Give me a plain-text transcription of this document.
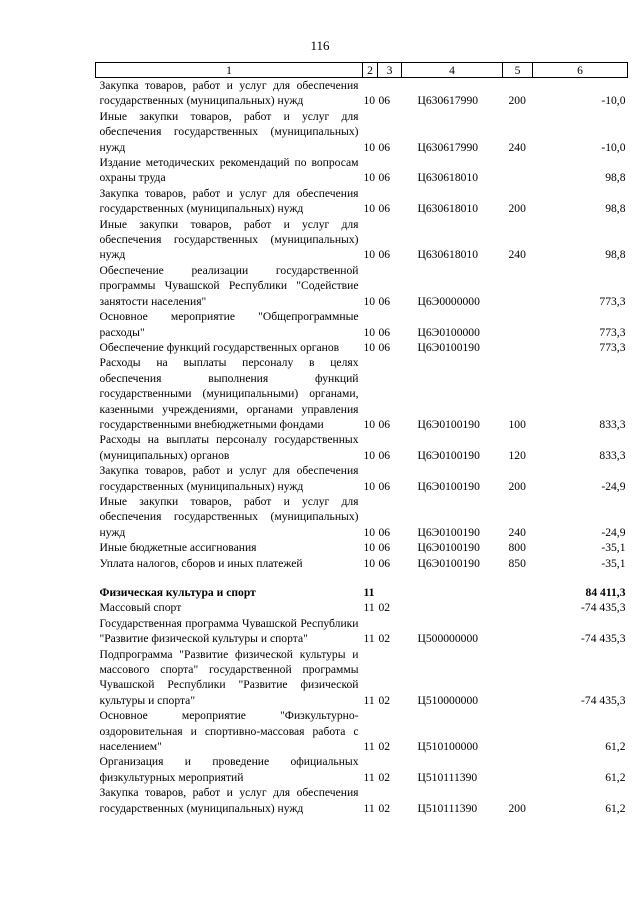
116
1	2	3	4	5	6
Закупка товаров, работ и услуг для обеспечения государственных (муниципальных) нужд	10	06	Ц630617990	200	-10,0
Иные закупки товаров, работ и услуг для обеспечения государственных (муниципальных) нужд	10	06	Ц630617990	240	-10,0
Издание методических рекомендаций по вопросам охраны труда	10	06	Ц630618010		98,8
Закупка товаров, работ и услуг для обеспечения государственных (муниципальных) нужд	10	06	Ц630618010	200	98,8
Иные закупки товаров, работ и услуг для обеспечения государственных (муниципальных) нужд	10	06	Ц630618010	240	98,8
Обеспечение реализации государственной программы Чувашской Республики "Содействие занятости населения"	10	06	Ц6Э0000000		773,3
Основное мероприятие "Общепрограммные расходы"	10	06	Ц6Э0100000		773,3
Обеспечение функций государственных органов	10	06	Ц6Э0100190		773,3
Расходы на выплаты персоналу в целях обеспечения выполнения функций государственными (муниципальными) органами, казенными учреждениями, органами управления государственными внебюджетными фондами	10	06	Ц6Э0100190	100	833,3
Расходы на выплаты персоналу государственных (муниципальных) органов	10	06	Ц6Э0100190	120	833,3
Закупка товаров, работ и услуг для обеспечения государственных (муниципальных) нужд	10	06	Ц6Э0100190	200	-24,9
Иные закупки товаров, работ и услуг для обеспечения государственных (муниципальных) нужд	10	06	Ц6Э0100190	240	-24,9
Иные бюджетные ассигнования	10	06	Ц6Э0100190	800	-35,1
Уплата налогов, сборов и иных платежей	10	06	Ц6Э0100190	850	-35,1

Физическая культура и спорт	11				84 411,3
Массовый спорт	11	02			-74 435,3
Государственная программа Чувашской Республики "Развитие физической культуры и спорта"	11	02	Ц500000000		-74 435,3
Подпрограмма "Развитие физической культуры и массового спорта" государственной программы Чувашской Республики "Развитие физической культуры и спорта"	11	02	Ц510000000		-74 435,3
Основное мероприятие "Физкультурно-оздоровительная и спортивно-массовая работа с населением"	11	02	Ц510100000		61,2
Организация и проведение официальных физкультурных мероприятий	11	02	Ц510111390		61,2
Закупка товаров, работ и услуг для обеспечения государственных (муниципальных) нужд	11	02	Ц510111390	200	61,2
